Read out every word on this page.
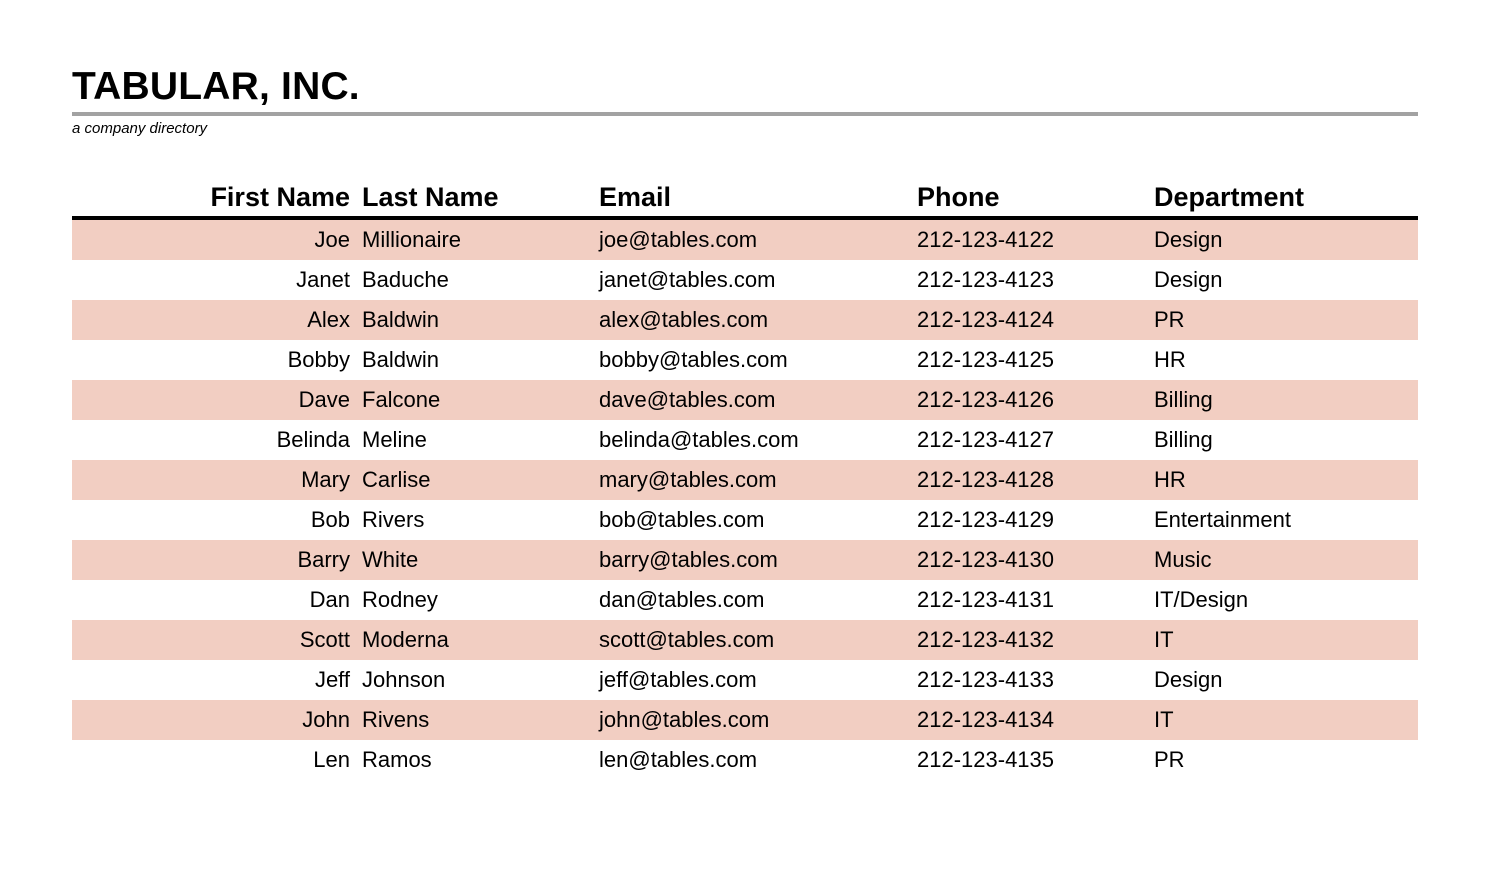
TABULAR, INC.
a company directory
First Name	Last Name	Email	Phone	Department
Joe	Millionaire	joe@tables.com	212-123-4122	Design
Janet	Baduche	janet@tables.com	212-123-4123	Design
Alex	Baldwin	alex@tables.com	212-123-4124	PR
Bobby	Baldwin	bobby@tables.com	212-123-4125	HR
Dave	Falcone	dave@tables.com	212-123-4126	Billing
Belinda	Meline	belinda@tables.com	212-123-4127	Billing
Mary	Carlise	mary@tables.com	212-123-4128	HR
Bob	Rivers	bob@tables.com	212-123-4129	Entertainment
Barry	White	barry@tables.com	212-123-4130	Music
Dan	Rodney	dan@tables.com	212-123-4131	IT/Design
Scott	Moderna	scott@tables.com	212-123-4132	IT
Jeff	Johnson	jeff@tables.com	212-123-4133	Design
John	Rivens	john@tables.com	212-123-4134	IT
Len	Ramos	len@tables.com	212-123-4135	PR
